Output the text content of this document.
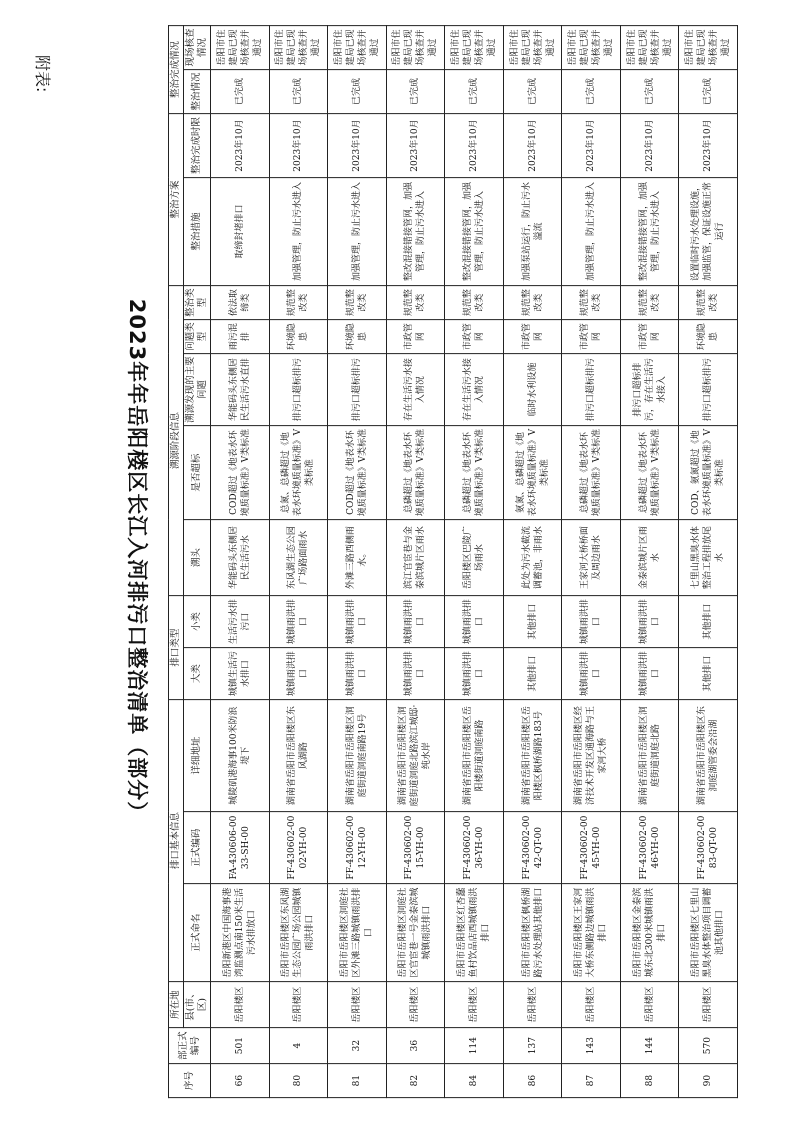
附表:
2023年年岳阳楼区长江入河排污口整治清单（部分）
序号	部正式编号	所在地	排口基本信息			排口类型		溯源阶段信息					整治方案		整治完成情况	
		县(市、区)	正式命名	正式编码	详细地址	大类	小类	溯头	是否超标	溯源发现的主要问题	问题类型	整治类型	整治措施	整治完成时限	整治情况	现场核查情况
66	501	岳阳楼区	岳阳新港区中国海事港湾监测点南150米生活污水排放口	FA-430606-0033-SH-00	城陵矶港海事100米防浪堤下	城镇生活污水排口	生活污水排污口	华能码头东侧居民生活污水	COD超过《地表水环境质量标准》V类标准	华能码头东侧居民生活污水直排	雨污混排	依法取缔类	取缔封堵排口	2023年10月	已完成	岳阳市住建局已现场核查并通过
80	4	岳阳楼区	岳阳市岳阳楼区东风湖生态公园广场公园城镇雨洪排口	FF-430602-0002-YH-00	湖南省岳阳市岳阳楼区东风湖路	城镇雨洪排口	城镇雨洪排口	东风湖生态公园广场路面雨水	总氮、总磷超过《地表水环境质量标准》V类标准	排污口超标排污	环境隐患	规范整改类	加强管理，防止污水进入	2023年10月	已完成	岳阳市住建局已现场核查并通过
81	32	岳阳楼区	岳阳市岳阳楼区洞庭社区外滩三路城镇雨洪排口	FF-430602-0012-YH-00	湖南省岳阳市岳阳楼区洞庭街道洞庭南路19号	城镇雨洪排口	城镇雨洪排口	外滩三路西侧雨水。	COD超过《地表水环境质量标准》V类标准	排污口超标排污	环境隐患	规范整改类	加强管理，防止污水进入	2023年10月	已完成	岳阳市住建局已现场核查并通过
82	36	岳阳楼区	岳阳市岳阳楼区洞庭社区官宦巷一号金泰滨城城镇雨洪排口	FF-430602-0015-YH-00	湖南省岳阳市岳阳楼区洞庭街道洞庭北路滨江城邸·纯水岸	城镇雨洪排口	城镇雨洪排口	滨江官宦巷与金泰滨城片区雨水	总磷超过《地表水环境质量标准》V类标准	存在生活污水接入情况	市政管网	规范整改类	整改混接错接管网，加强管理，防止污水进入	2023年10月	已完成	岳阳市住建局已现场核查并通过
84	114	岳阳楼区	岳阳市岳阳楼区红杏蠢鱼村饮品店西城镇雨洪排口	FF-430602-0036-YH-00	湖南省岳阳市岳阳楼区岳阳楼街道洞庭南路	城镇雨洪排口	城镇雨洪排口	岳阳楼区巴陵广场雨水	总磷超过《地表水环境质量标准》V类标准	存在生活污水接入情况	市政管网	规范整改类	整改混接错接管网，加强管理，防止污水进入	2023年10月	已完成	岳阳市住建局已现场核查并通过
86	137	岳阳楼区	岳阳市岳阳楼区枫桥湖路污水处理站其他排口	FF-430602-0042-QT-00	湖南省岳阳市岳阳楼区岳阳楼区枫桥湖路183号	其他排口	其他排口	此处为污水截流调蓄池，非雨水	氨氮、总磷超过《地表水环境质量标准》V类标准	临时水利设施	市政管网	规范整改类	加强泵站运行，防止污水溢流	2023年10月	已完成	岳阳市住建局已现场核查并通过
87	143	岳阳楼区	岳阳市岳阳楼区王家河大桥东侧路边城镇雨洪排口	FF-430602-0045-YH-00	湖南省岳阳市岳阳楼区经济技术开发区通海路与王家河大桥	城镇雨洪排口	城镇雨洪排口	王家河大桥桥面及周边雨水	总磷超过《地表水环境质量标准》V类标准	排污口超标排污	市政管网	规范整改类	加强管理，防止污水进入	2023年10月	已完成	岳阳市住建局已现场核查并通过
88	144	岳阳楼区	岳阳市岳阳楼区金泰滨城东北300米城镇雨洪排口	FF-430602-0046-YH-00	湖南省岳阳市岳阳楼区洞庭街道洞庭北路	城镇雨洪排口	城镇雨洪排口	金泰滨城片区雨水	总磷超过《地表水环境质量标准》V类标准	排污口超标排污，存在生活污水接入	市政管网	规范整改类	整改混接错接管网，加强管理，防止污水进入	2023年10月	已完成	岳阳市住建局已现场核查并通过
90	570	岳阳楼区	岳阳市岳阳楼区七里山黑臭水体整治项目调蓄池其他排口	FF-430602-0083-QT-00	湖南省岳阳市岳阳楼区东洞庭湖管委会沿湖	其他排口	其他排口	七里山黑臭水体整治工程排放尾水	COD、氨氮超过《地表水环境质量标准》V类标准	排污口超标排污	环境隐患	规范整改类	设置临时污水处理设施，加强监管，保证设施正常运行	2023年10月	已完成	岳阳市住建局已现场核查并通过
